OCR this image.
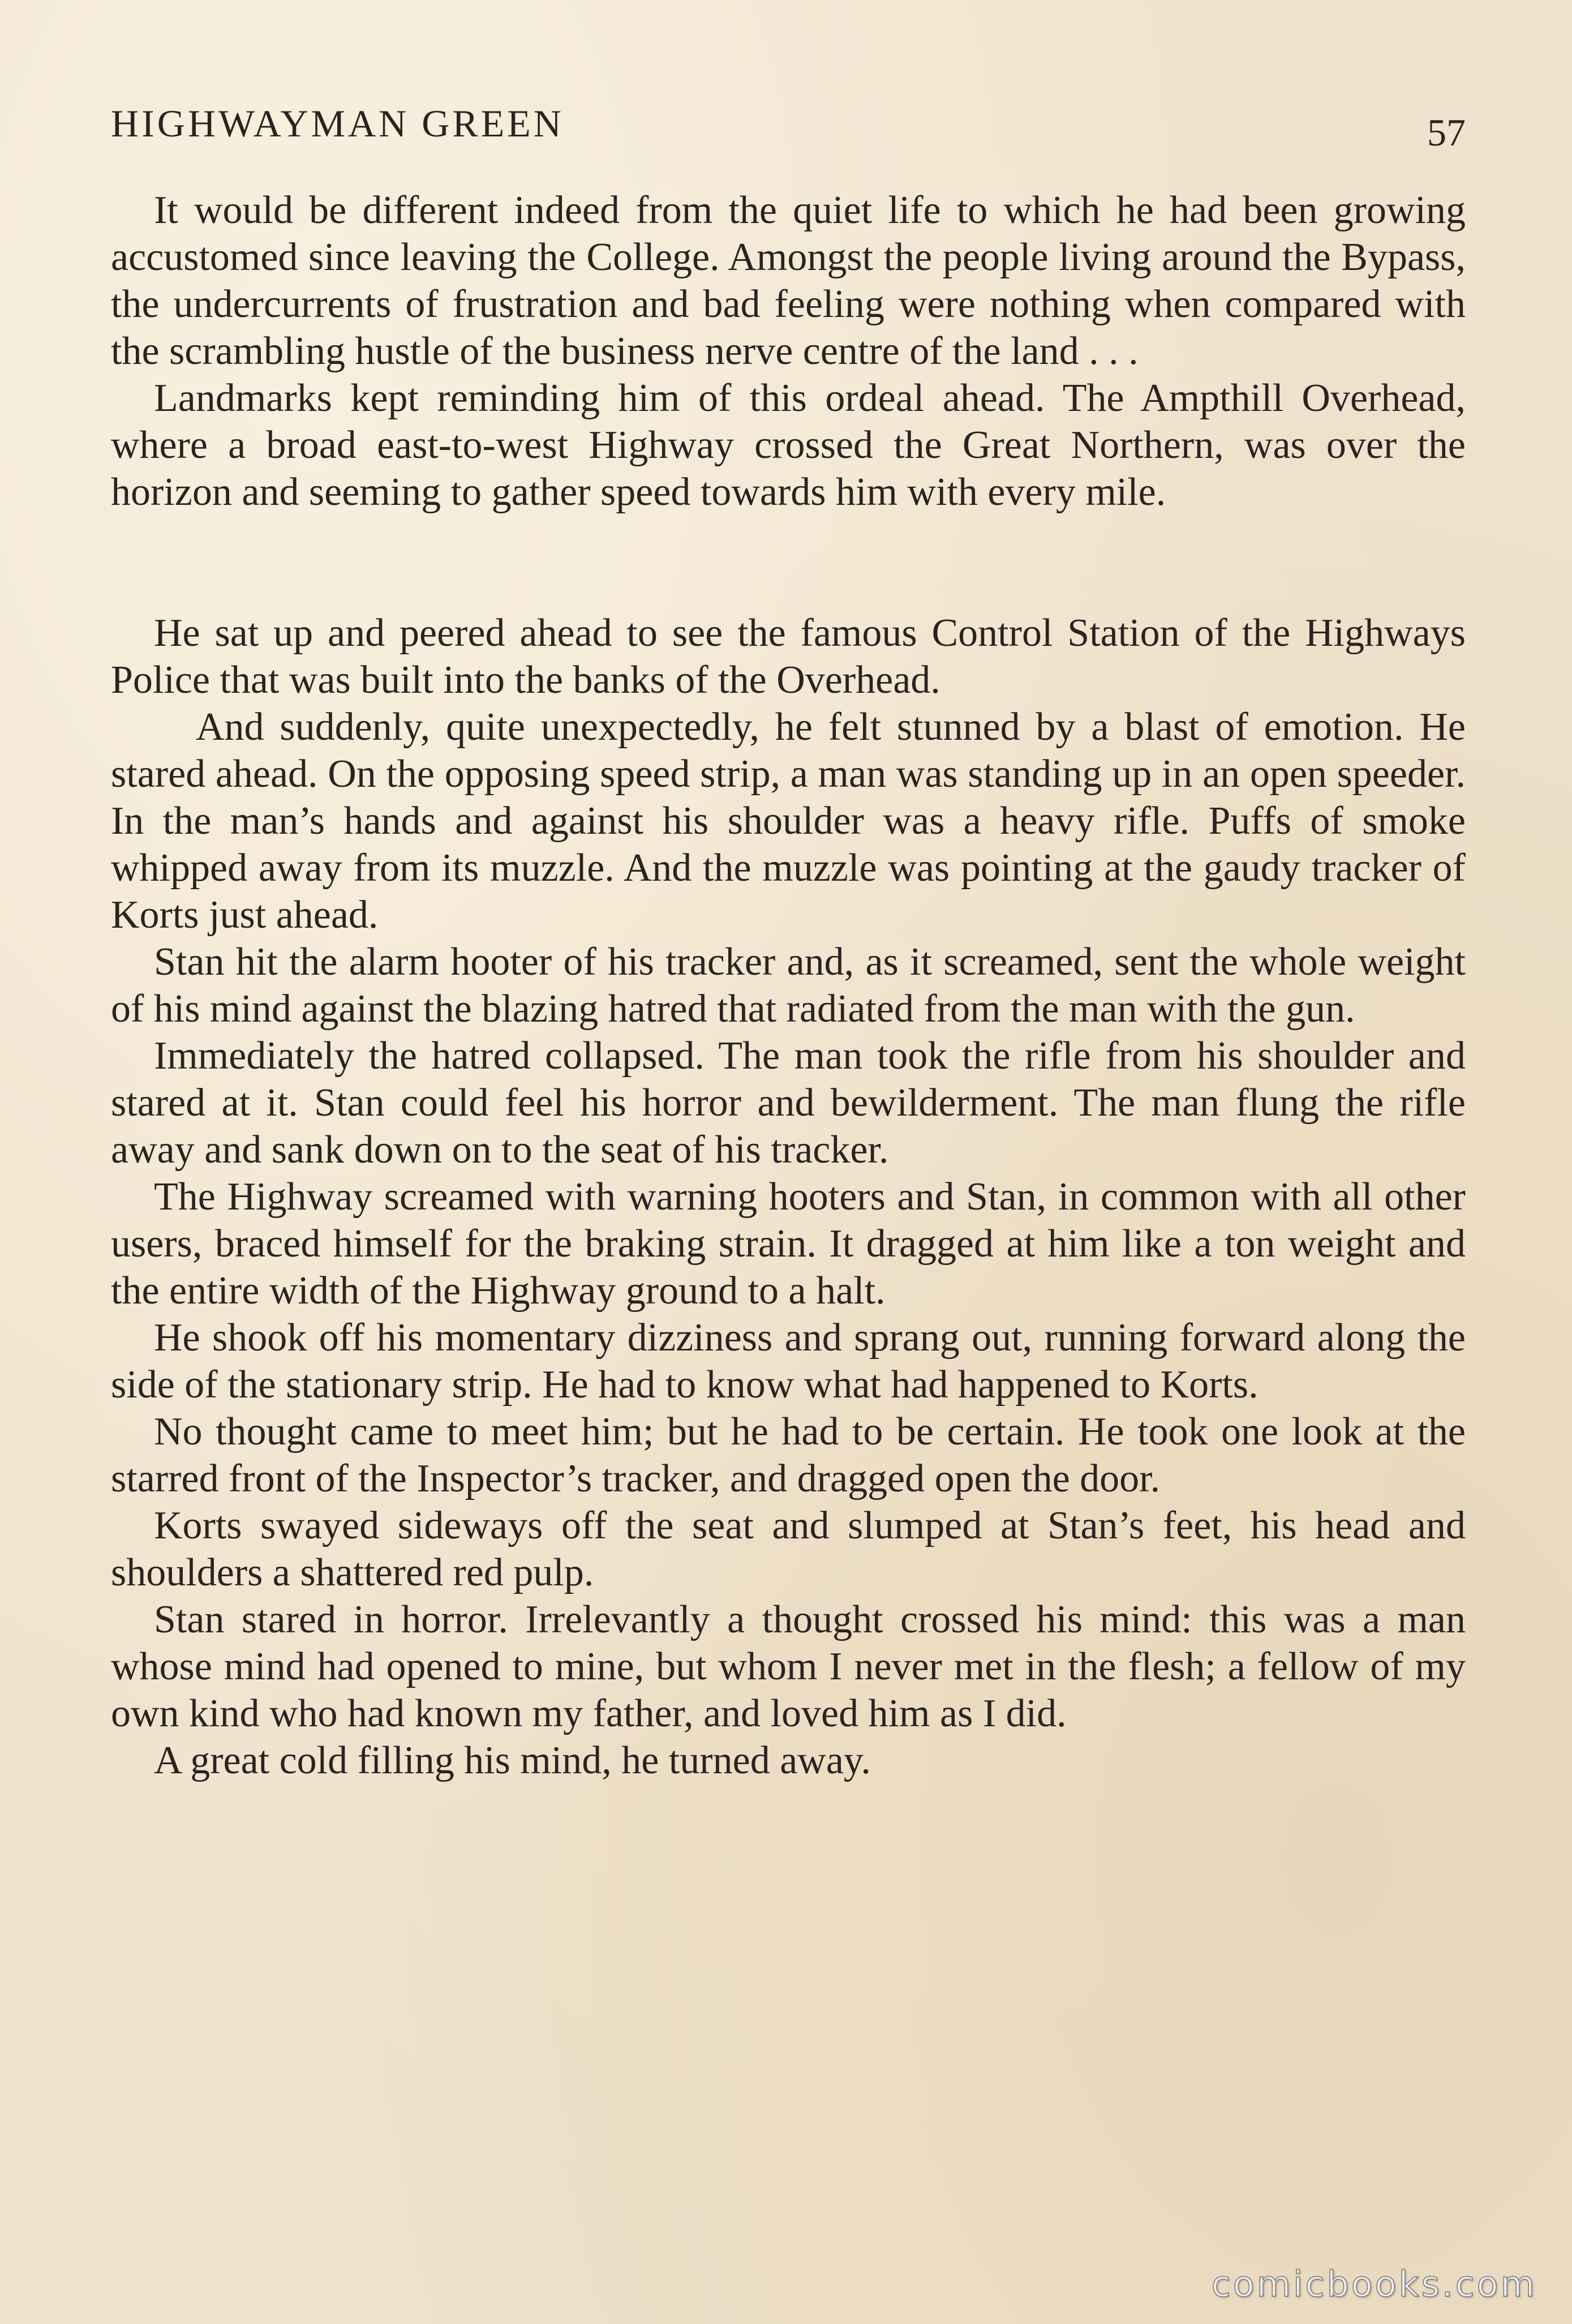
HIGHWAYMAN GREEN	57

It would be different indeed from the quiet life to which he had been growing accustomed since leaving the College. Amongst the people living around the Bypass, the undercurrents of frustration and bad feeling were nothing when compared with the scrambling hustle of the business nerve centre of the land . . .

Landmarks kept reminding him of this ordeal ahead. The Ampthill Overhead, where a broad east-to-west Highway crossed the Great Northern, was over the horizon and seeming to gather speed towards him with every mile.

He sat up and peered ahead to see the famous Control Station of the Highways Police that was built into the banks of the Overhead.

And suddenly, quite unexpectedly, he felt stunned by a blast of emotion. He stared ahead. On the opposing speed strip, a man was standing up in an open speeder. In the man’s hands and against his shoulder was a heavy rifle. Puffs of smoke whipped away from its muzzle. And the muzzle was pointing at the gaudy tracker of Korts just ahead.

Stan hit the alarm hooter of his tracker and, as it screamed, sent the whole weight of his mind against the blazing hatred that radiated from the man with the gun.

Immediately the hatred collapsed. The man took the rifle from his shoulder and stared at it. Stan could feel his horror and bewilderment. The man flung the rifle away and sank down on to the seat of his tracker.

The Highway screamed with warning hooters and Stan, in common with all other users, braced himself for the braking strain. It dragged at him like a ton weight and the entire width of the Highway ground to a halt.

He shook off his momentary dizziness and sprang out, running forward along the side of the stationary strip. He had to know what had happened to Korts.

No thought came to meet him; but he had to be certain. He took one look at the starred front of the Inspector’s tracker, and dragged open the door.

Korts swayed sideways off the seat and slumped at Stan’s feet, his head and shoulders a shattered red pulp.

Stan stared in horror. Irrelevantly a thought crossed his mind: this was a man whose mind had opened to mine, but whom I never met in the flesh; a fellow of my own kind who had known my father, and loved him as I did.

A great cold filling his mind, he turned away.

comicbooks.com
